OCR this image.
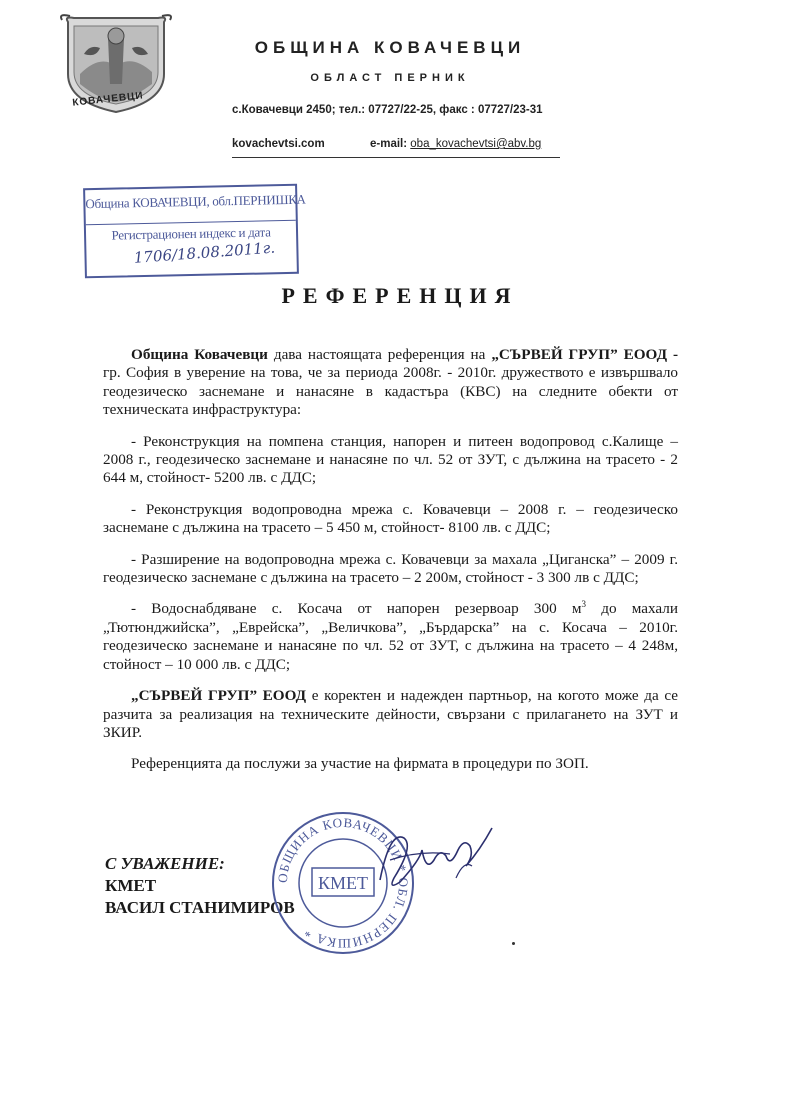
КОВАЧЕВЦИ
ОБЩИНА КОВАЧЕВЦИ
ОБЛАСТ ПЕРНИК
с.Ковачевци 2450; тел.: 07727/22-25, факс : 07727/23-31
kovachevtsi.com	e-mail: oba_kovachevtsi@abv.bg
Община КОВАЧЕВЦИ, обл.ПЕРНИШКА
Регистрационен индекс и дата
1706/18.08.2011г.
РЕФЕРЕНЦИЯ

Община Ковачевци дава настоящата референция на „СЪРВЕЙ ГРУП” ЕООД - гр. София в уверение на това, че за периода 2008г. - 2010г. дружеството е извършвало геодезическо заснемане и нанасяне в кадастъра (КВС) на следните обекти от техническата инфраструктура:

- Реконструкция на помпена станция, напорен и питеен водопровод с.Калище – 2008 г., геодезическо заснемане и нанасяне по чл. 52 от ЗУТ, с дължина на трасето - 2 644 м, стойност- 5200 лв. с ДДС;

- Реконструкция водопроводна мрежа с. Ковачевци – 2008 г. – геодезическо заснемане с дължина на трасето – 5 450 м, стойност- 8100 лв. с ДДС;

- Разширение на водопроводна мрежа с. Ковачевци за махала „Циганска” – 2009 г. геодезическо заснемане с дължина на трасето – 2 200м, стойност - 3 300 лв с ДДС;

- Водоснабдяване с. Косача от напорен резервоар 300 $м^3$ до махали „Тютюнджийска”, „Еврейска”, „Величкова”, „Бърдарска” на с. Косача – 2010г. геодезическо заснемане и нанасяне по чл. 52 от ЗУТ, с дължина на трасето – 4 248м, стойност – 10 000 лв. с ДДС;

„СЪРВЕЙ ГРУП” ЕООД е коректен и надежден партньор, на когото може да се разчита за реализация на техническите дейности, свързани с прилагането на ЗУТ и ЗКИР.

Референцията да послужи за участие на фирмата в процедури по ЗОП.

С УВАЖЕНИЕ:
КМЕТ
ВАСИЛ СТАНИМИРОВ
ОБЩИНА КОВАЧЕВЦИ * ОБЛ. ПЕРНИШКА *
КМЕТ
